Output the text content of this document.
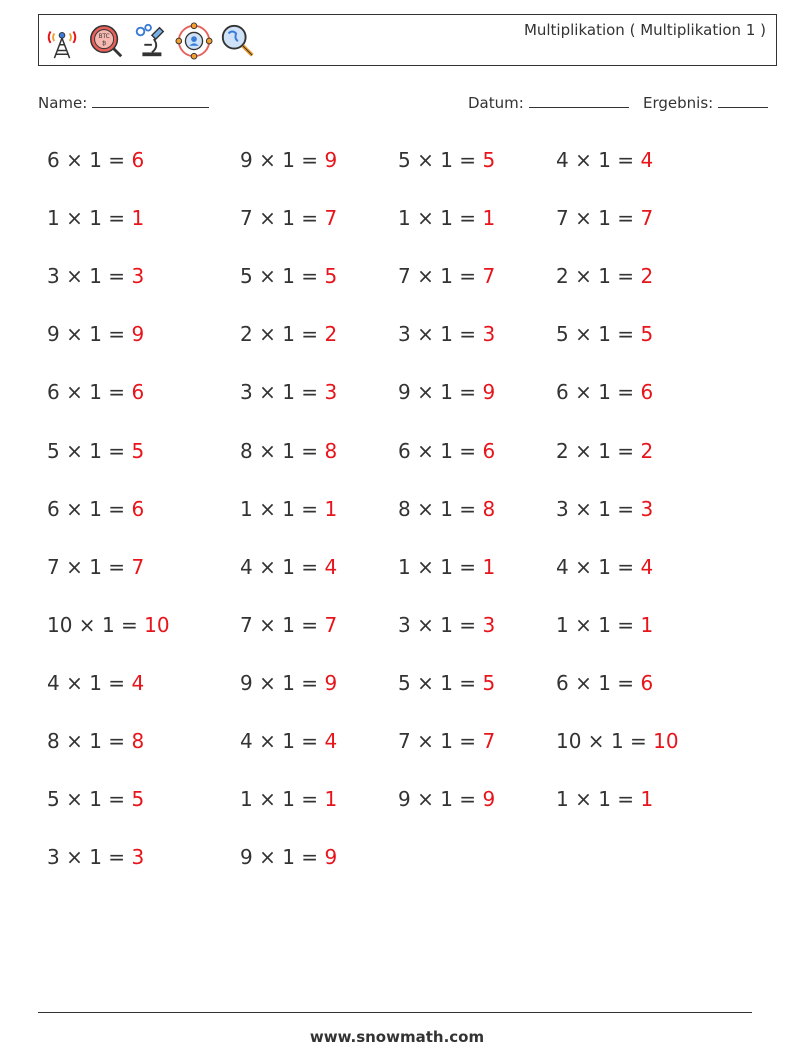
BTC
₿
Multiplikation ( Multiplikation 1 )
Name:	Datum:	Ergebnis:
6 × 1 = 6
1 × 1 = 1
3 × 1 = 3
9 × 1 = 9
6 × 1 = 6
5 × 1 = 5
6 × 1 = 6
7 × 1 = 7
10 × 1 = 10
4 × 1 = 4
8 × 1 = 8
5 × 1 = 5
3 × 1 = 3
9 × 1 = 9
7 × 1 = 7
5 × 1 = 5
2 × 1 = 2
3 × 1 = 3
8 × 1 = 8
1 × 1 = 1
4 × 1 = 4
7 × 1 = 7
9 × 1 = 9
4 × 1 = 4
1 × 1 = 1
9 × 1 = 9
5 × 1 = 5
1 × 1 = 1
7 × 1 = 7
3 × 1 = 3
9 × 1 = 9
6 × 1 = 6
8 × 1 = 8
1 × 1 = 1
3 × 1 = 3
5 × 1 = 5
7 × 1 = 7
9 × 1 = 9
4 × 1 = 4
7 × 1 = 7
2 × 1 = 2
5 × 1 = 5
6 × 1 = 6
2 × 1 = 2
3 × 1 = 3
4 × 1 = 4
1 × 1 = 1
6 × 1 = 6
10 × 1 = 10
1 × 1 = 1
www.snowmath.com
